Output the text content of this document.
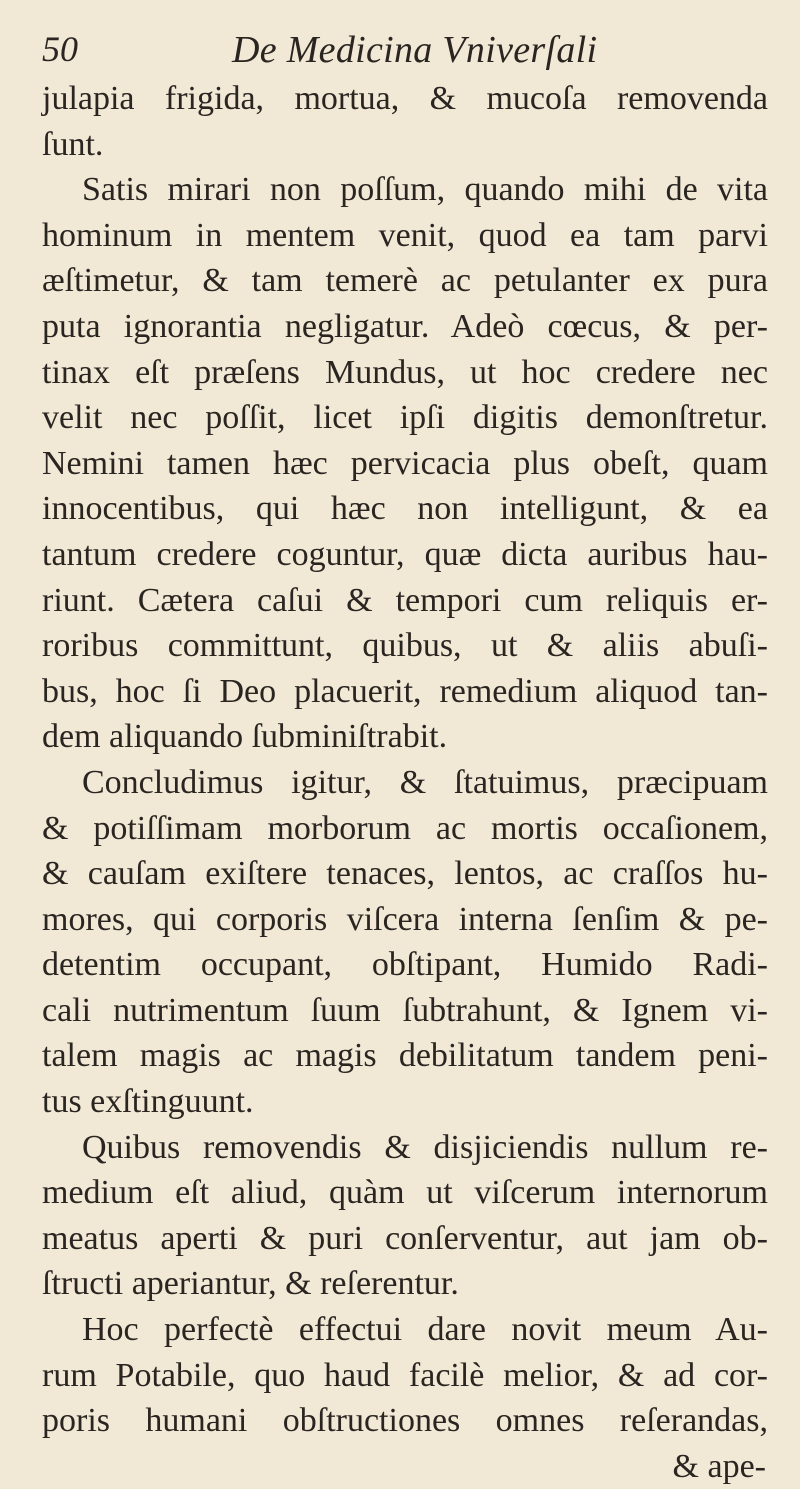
50	De Medicina Vniverſali
julapia frigida, mortua, & mucoſa removenda
ſunt.
Satis mirari non poſſum, quando mihi de vita
hominum in mentem venit, quod ea tam parvi
æſtimetur, & tam temerè ac petulanter ex pura
puta ignorantia negligatur. Adeò cœcus, & per-
tinax eſt præſens Mundus, ut hoc credere nec
velit nec poſſit, licet ipſi digitis demonſtretur.
Nemini tamen hæc pervicacia plus obeſt, quam
innocentibus, qui hæc non intelligunt, & ea
tantum credere coguntur, quæ dicta auribus hau-
riunt. Cætera caſui & tempori cum reliquis er-
roribus committunt, quibus, ut & aliis abuſi-
bus, hoc ſi Deo placuerit, remedium aliquod tan-
dem aliquando ſubminiſtrabit.
Concludimus igitur, & ſtatuimus, præcipuam
& potiſſimam morborum ac mortis occaſionem,
& cauſam exiſtere tenaces, lentos, ac craſſos hu-
mores, qui corporis viſcera interna ſenſim & pe-
detentim occupant, obſtipant, Humido Radi-
cali nutrimentum ſuum ſubtrahunt, & Ignem vi-
talem magis ac magis debilitatum tandem peni-
tus exſtinguunt.
Quibus removendis & disjiciendis nullum re-
medium eſt aliud, quàm ut viſcerum internorum
meatus aperti & puri conſerventur, aut jam ob-
ſtructi aperiantur, & reſerentur.
Hoc perfectè effectui dare novit meum Au-
rum Potabile, quo haud facilè melior, & ad cor-
poris humani obſtructiones omnes reſerandas,
& ape-
